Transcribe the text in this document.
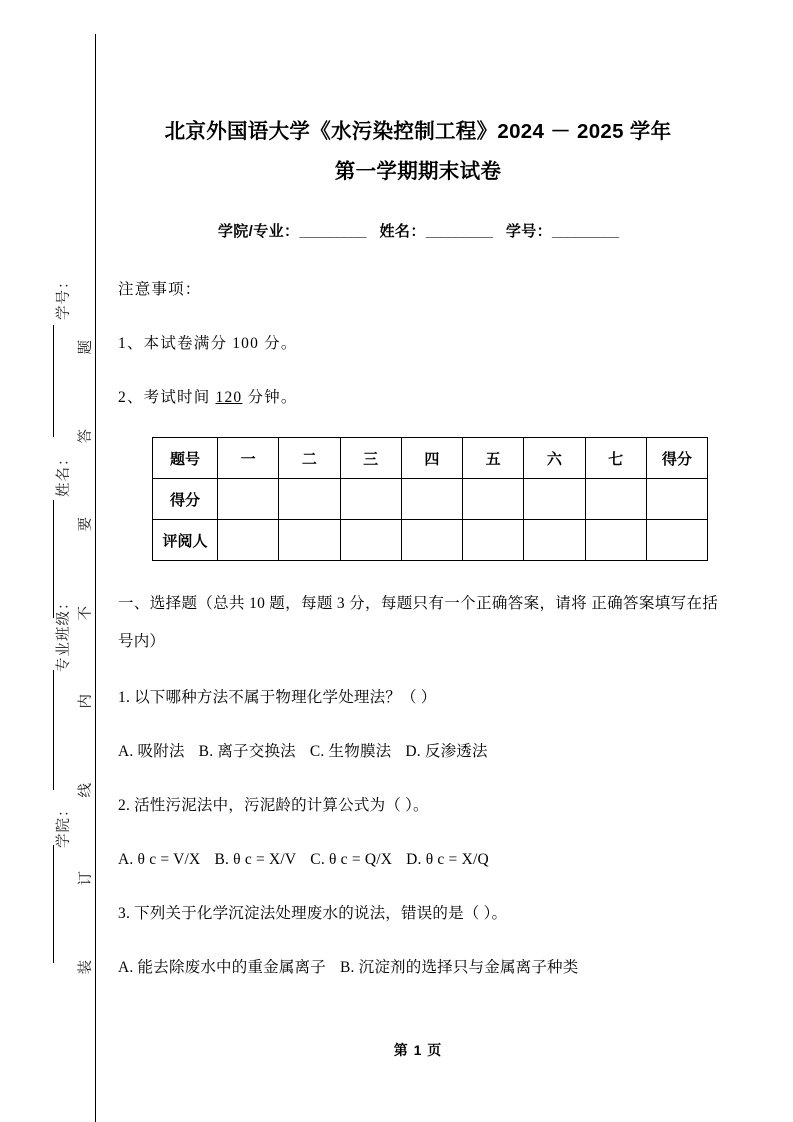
学号：
姓名：
专业班级：
学院：
题
答
要
不
内
线
订
装
北京外国语大学《水污染控制工程》2024 － 2025 学年
第一学期期末试卷

学院/专业：_________ 姓名：_________ 学号：_________

注意事项：

1、本试卷满分 100 分。

2、考试时间 120 分钟。

题号	一	二	三	四	五	六	七	得分
得分								
评阅人								

一、选择题（总共 10 题，每题 3 分，每题只有一个正确答案，请将 正确答案填写在括号内）

1. 以下哪种方法不属于物理化学处理法？（ ）

A. 吸附法 B. 离子交换法 C. 生物膜法 D. 反渗透法

2. 活性污泥法中，污泥龄的计算公式为（ ）。

A. θ c = V/X B. θ c = X/V C. θ c = Q/X D. θ c = X/Q

3. 下列关于化学沉淀法处理废水的说法，错误的是（ ）。

A. 能去除废水中的重金属离子 B. 沉淀剂的选择只与金属离子种类

第 1 页
